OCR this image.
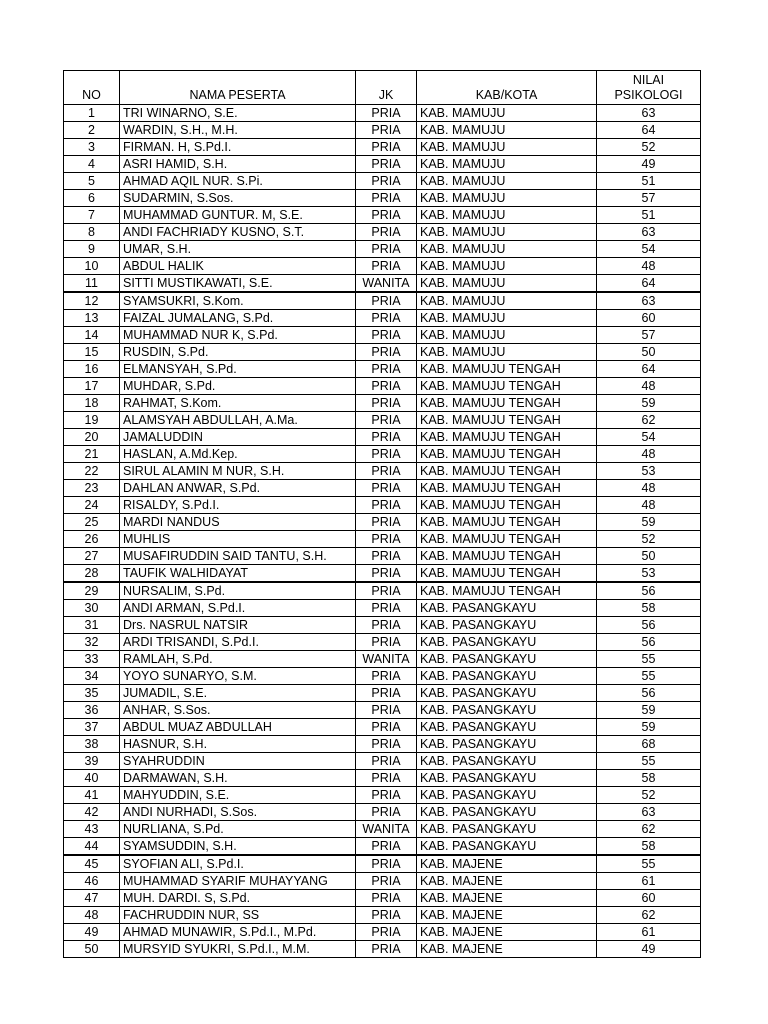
NO	NAMA PESERTA	JK	KAB/KOTA	NILAI
PSIKOLOGI
1	TRI WINARNO, S.E.	PRIA	KAB. MAMUJU	63
2	WARDIN, S.H., M.H.	PRIA	KAB. MAMUJU	64
3	FIRMAN. H, S.Pd.I.	PRIA	KAB. MAMUJU	52
4	ASRI HAMID, S.H.	PRIA	KAB. MAMUJU	49
5	AHMAD AQIL NUR. S.Pi.	PRIA	KAB. MAMUJU	51
6	SUDARMIN, S.Sos.	PRIA	KAB. MAMUJU	57
7	MUHAMMAD GUNTUR. M, S.E.	PRIA	KAB. MAMUJU	51
8	ANDI FACHRIADY KUSNO, S.T.	PRIA	KAB. MAMUJU	63
9	UMAR, S.H.	PRIA	KAB. MAMUJU	54
10	ABDUL HALIK	PRIA	KAB. MAMUJU	48
11	SITTI MUSTIKAWATI, S.E.	WANITA	KAB. MAMUJU	64
12	SYAMSUKRI, S.Kom.	PRIA	KAB. MAMUJU	63
13	FAIZAL JUMALANG, S.Pd.	PRIA	KAB. MAMUJU	60
14	MUHAMMAD NUR K, S.Pd.	PRIA	KAB. MAMUJU	57
15	RUSDIN, S.Pd.	PRIA	KAB. MAMUJU	50
16	ELMANSYAH, S.Pd.	PRIA	KAB. MAMUJU TENGAH	64
17	MUHDAR, S.Pd.	PRIA	KAB. MAMUJU TENGAH	48
18	RAHMAT, S.Kom.	PRIA	KAB. MAMUJU TENGAH	59
19	ALAMSYAH ABDULLAH, A.Ma.	PRIA	KAB. MAMUJU TENGAH	62
20	JAMALUDDIN	PRIA	KAB. MAMUJU TENGAH	54
21	HASLAN, A.Md.Kep.	PRIA	KAB. MAMUJU TENGAH	48
22	SIRUL ALAMIN M NUR, S.H.	PRIA	KAB. MAMUJU TENGAH	53
23	DAHLAN ANWAR, S.Pd.	PRIA	KAB. MAMUJU TENGAH	48
24	RISALDY, S.Pd.I.	PRIA	KAB. MAMUJU TENGAH	48
25	MARDI NANDUS	PRIA	KAB. MAMUJU TENGAH	59
26	MUHLIS	PRIA	KAB. MAMUJU TENGAH	52
27	MUSAFIRUDDIN SAID TANTU, S.H.	PRIA	KAB. MAMUJU TENGAH	50
28	TAUFIK WALHIDAYAT	PRIA	KAB. MAMUJU TENGAH	53
29	NURSALIM, S.Pd.	PRIA	KAB. MAMUJU TENGAH	56
30	ANDI ARMAN, S.Pd.I.	PRIA	KAB. PASANGKAYU	58
31	Drs. NASRUL NATSIR	PRIA	KAB. PASANGKAYU	56
32	ARDI TRISANDI, S.Pd.I.	PRIA	KAB. PASANGKAYU	56
33	RAMLAH, S.Pd.	WANITA	KAB. PASANGKAYU	55
34	YOYO SUNARYO, S.M.	PRIA	KAB. PASANGKAYU	55
35	JUMADIL, S.E.	PRIA	KAB. PASANGKAYU	56
36	ANHAR, S.Sos.	PRIA	KAB. PASANGKAYU	59
37	ABDUL MUAZ ABDULLAH	PRIA	KAB. PASANGKAYU	59
38	HASNUR, S.H.	PRIA	KAB. PASANGKAYU	68
39	SYAHRUDDIN	PRIA	KAB. PASANGKAYU	55
40	DARMAWAN, S.H.	PRIA	KAB. PASANGKAYU	58
41	MAHYUDDIN, S.E.	PRIA	KAB. PASANGKAYU	52
42	ANDI NURHADI, S.Sos.	PRIA	KAB. PASANGKAYU	63
43	NURLIANA, S.Pd.	WANITA	KAB. PASANGKAYU	62
44	SYAMSUDDIN, S.H.	PRIA	KAB. PASANGKAYU	58
45	SYOFIAN ALI, S.Pd.I.	PRIA	KAB. MAJENE	55
46	MUHAMMAD SYARIF MUHAYYANG	PRIA	KAB. MAJENE	61
47	MUH. DARDI. S, S.Pd.	PRIA	KAB. MAJENE	60
48	FACHRUDDIN NUR, SS	PRIA	KAB. MAJENE	62
49	AHMAD MUNAWIR, S.Pd.I., M.Pd.	PRIA	KAB. MAJENE	61
50	MURSYID SYUKRI, S.Pd.I., M.M.	PRIA	KAB. MAJENE	49
